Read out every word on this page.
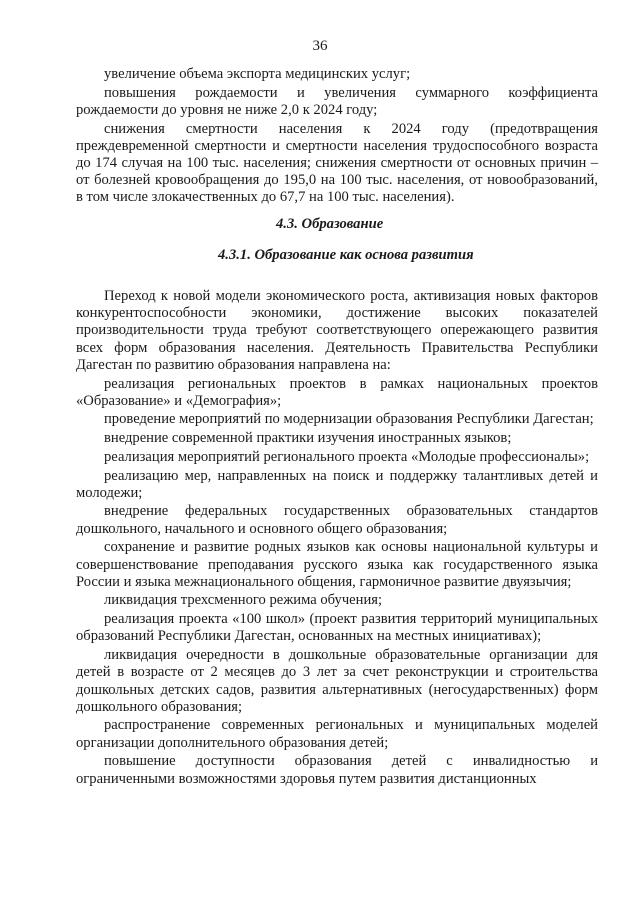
36

увеличение объема экспорта медицинских услуг;

повышения рождаемости и увеличения суммарного коэффициента рождаемости до уровня не ниже 2,0 к 2024 году;

снижения смертности населения к 2024 году (предотвращения преждевременной смертности и смертности населения трудоспособного возраста до 174 случая на 100 тыс. населения; снижения смертности от основных причин – от болезней кровообращения до 195,0 на 100 тыс. населения, от новообразований, в том числе злокачественных до 67,7 на 100 тыс. населения).

4.3. Образование

4.3.1. Образование как основа развития

Переход к новой модели экономического роста, активизация новых факторов конкурентоспособности экономики, достижение высоких показателей производительности труда требуют соответствующего опережающего развития всех форм образования населения. Деятельность Правительства Республики Дагестан по развитию образования направлена на:

реализация региональных проектов в рамках национальных проектов «Образование» и «Демография»;

проведение мероприятий по модернизации образования Республики Дагестан;

внедрение современной практики изучения иностранных языков;

реализация мероприятий регионального проекта «Молодые профессионалы»;

реализацию мер, направленных на поиск и поддержку талантливых детей и молодежи;

внедрение федеральных государственных образовательных стандартов дошкольного, начального и основного общего образования;

сохранение и развитие родных языков как основы национальной культуры и совершенствование преподавания русского языка как государственного языка России и языка межнационального общения, гармоничное развитие двуязычия;

ликвидация трехсменного режима обучения;

реализация проекта «100 школ» (проект развития территорий муниципальных образований Республики Дагестан, основанных на местных инициативах);

ликвидация очередности в дошкольные образовательные организации для детей в возрасте от 2 месяцев до 3 лет за счет реконструкции и строительства дошкольных детских садов, развития альтернативных (негосударственных) форм дошкольного образования;

распространение современных региональных и муниципальных моделей организации дополнительного образования детей;

повышение доступности образования детей с инвалидностью и ограниченными возможностями здоровья путем развития дистанционных
